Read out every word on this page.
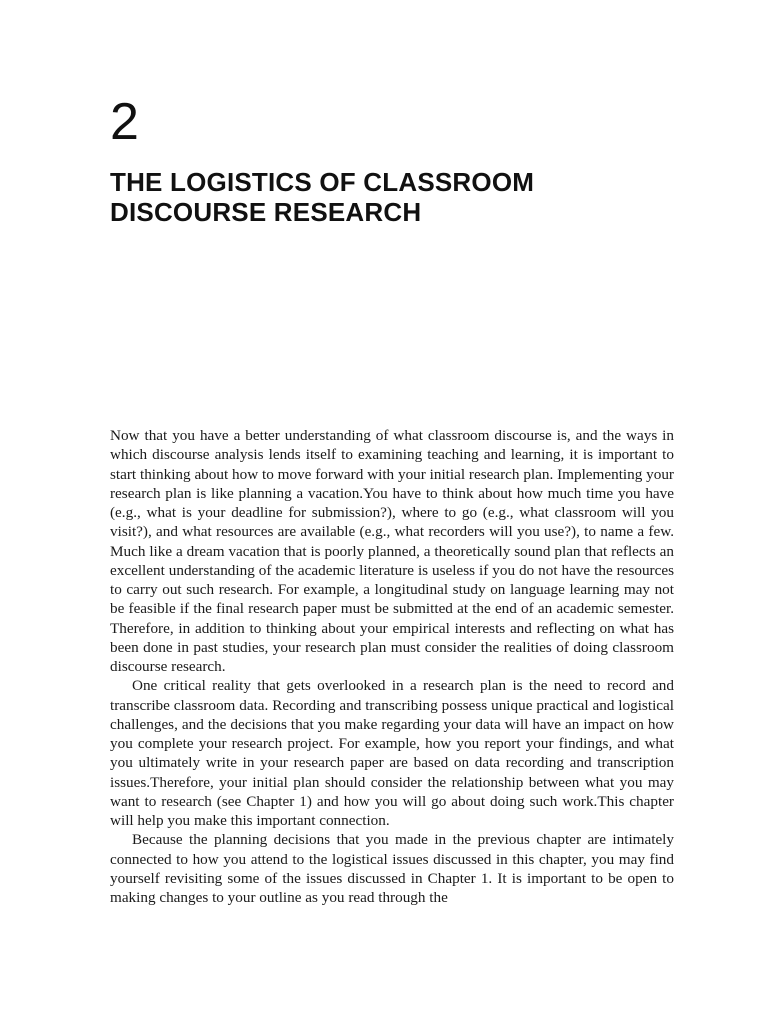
2
THE LOGISTICS OF CLASSROOM
DISCOURSE RESEARCH

Now that you have a better understanding of what classroom discourse is, and the ways in which discourse analysis lends itself to examining teaching and learning, it is important to start thinking about how to move forward with your initial research plan. Implementing your research plan is like planning a vacation.You have to think about how much time you have (e.g., what is your deadline for submission?), where to go (e.g., what classroom will you visit?), and what resources are available (e.g., what recorders will you use?), to name a few. Much like a dream vacation that is poorly planned, a theoretically sound plan that reflects an excellent understanding of the academic literature is useless if you do not have the resources to carry out such research. For example, a longitudinal study on language learning may not be feasible if the final research paper must be submitted at the end of an academic semester. Therefore, in addition to thinking about your empirical interests and reflecting on what has been done in past studies, your research plan must consider the realities of doing classroom discourse research.

One critical reality that gets overlooked in a research plan is the need to record and transcribe classroom data. Recording and transcribing possess unique practical and logistical challenges, and the decisions that you make regarding your data will have an impact on how you complete your research project. For example, how you report your findings, and what you ultimately write in your research paper are based on data recording and transcription issues.Therefore, your initial plan should consider the relationship between what you may want to research (see Chapter 1) and how you will go about doing such work.This chapter will help you make this important connection.

Because the planning decisions that you made in the previous chapter are intimately connected to how you attend to the logistical issues discussed in this chapter, you may find yourself revisiting some of the issues discussed in Chapter 1. It is important to be open to making changes to your outline as you read through the
